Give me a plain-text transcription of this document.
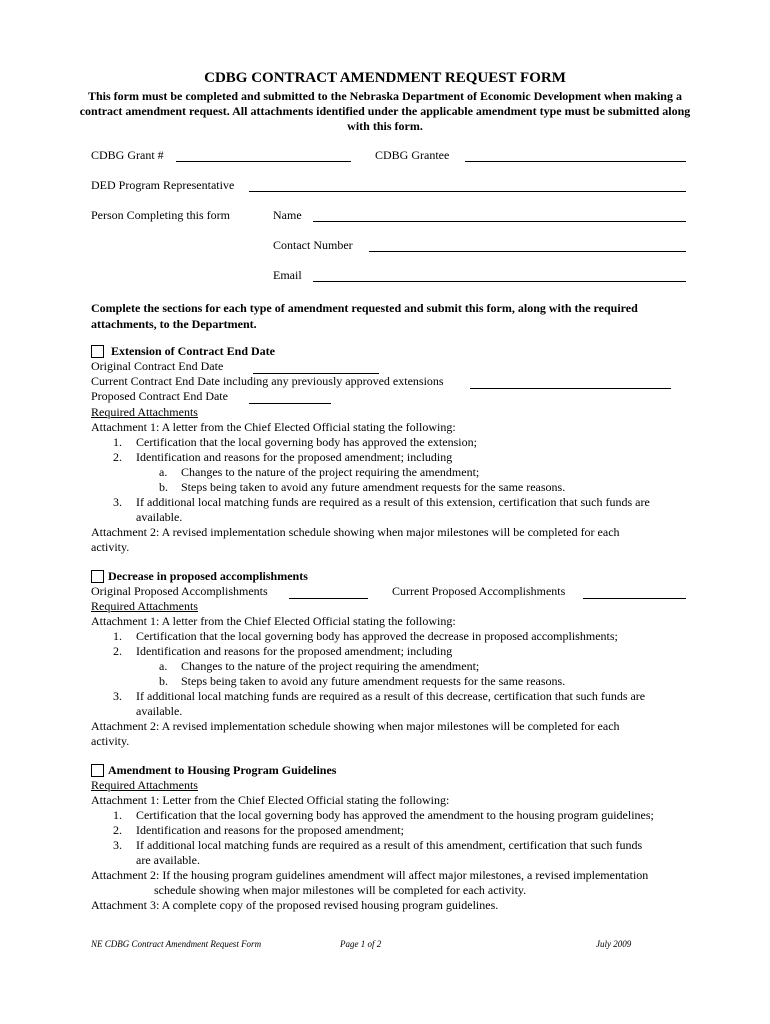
CDBG CONTRACT AMENDMENT REQUEST FORM
This form must be completed and submitted to the Nebraska Department of Economic Development when making a contract amendment request. All attachments identified under the applicable amendment type must be submitted along with this form.
CDBG Grant #	CDBG Grantee
DED Program Representative
Person Completing this form	Name
Contact Number
Email
Complete the sections for each type of amendment requested and submit this form, along with the required attachments, to the Department.
Extension of Contract End Date
Original Contract End Date
Current Contract End Date including any previously approved extensions
Proposed Contract End Date
Required Attachments
Attachment 1: A letter from the Chief Elected Official stating the following:
1. Certification that the local governing body has approved the extension;
2. Identification and reasons for the proposed amendment; including
a. Changes to the nature of the project requiring the amendment;
b. Steps being taken to avoid any future amendment requests for the same reasons.
3. If additional local matching funds are required as a result of this extension, certification that such funds are
available.
Attachment 2: A revised implementation schedule showing when major milestones will be completed for each
activity.
Decrease in proposed accomplishments
Original Proposed Accomplishments	Current Proposed Accomplishments
Required Attachments
Attachment 1: A letter from the Chief Elected Official stating the following:
1. Certification that the local governing body has approved the decrease in proposed accomplishments;
2. Identification and reasons for the proposed amendment; including
a. Changes to the nature of the project requiring the amendment;
b. Steps being taken to avoid any future amendment requests for the same reasons.
3. If additional local matching funds are required as a result of this decrease, certification that such funds are
available.
Attachment 2: A revised implementation schedule showing when major milestones will be completed for each
activity.
Amendment to Housing Program Guidelines
Required Attachments
Attachment 1: Letter from the Chief Elected Official stating the following:
1. Certification that the local governing body has approved the amendment to the housing program guidelines;
2. Identification and reasons for the proposed amendment;
3. If additional local matching funds are required as a result of this amendment, certification that such funds
are available.
Attachment 2: If the housing program guidelines amendment will affect major milestones, a revised implementation
schedule showing when major milestones will be completed for each activity.
Attachment 3: A complete copy of the proposed revised housing program guidelines.
NE CDBG Contract Amendment Request Form	Page 1 of 2	July 2009
